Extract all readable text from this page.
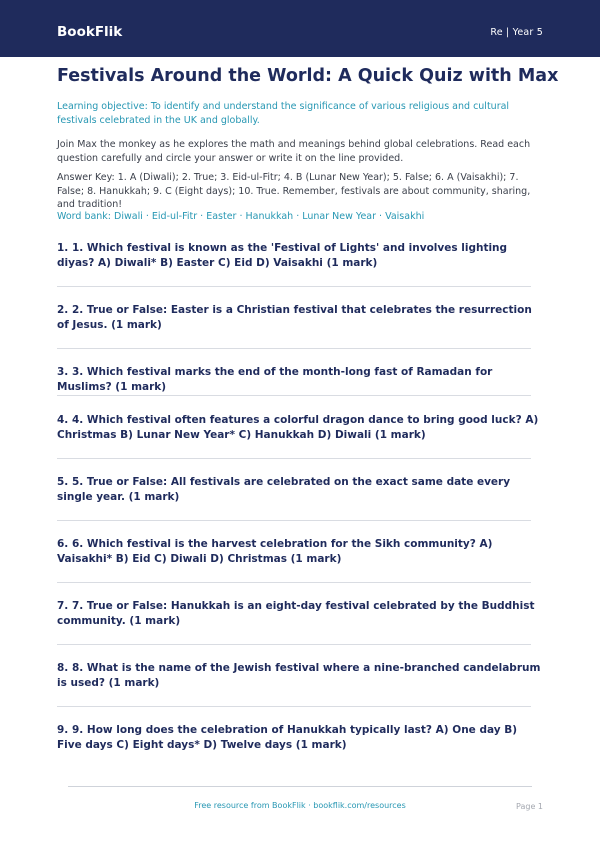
BookFlik	Re | Year 5
Festivals Around the World: A Quick Quiz with Max
Learning objective: To identify and understand the significance of various religious and cultural festivals celebrated in the UK and globally.
Join Max the monkey as he explores the math and meanings behind global celebrations. Read each question carefully and circle your answer or write it on the line provided.
Answer Key: 1. A (Diwali); 2. True; 3. Eid-ul-Fitr; 4. B (Lunar New Year); 5. False; 6. A (Vaisakhi); 7. False; 8. Hanukkah; 9. C (Eight days); 10. True. Remember, festivals are about community, sharing, and tradition!
Word bank: Diwali · Eid-ul-Fitr · Easter · Hanukkah · Lunar New Year · Vaisakhi
1. 1. Which festival is known as the 'Festival of Lights' and involves lighting diyas? A) Diwali* B) Easter C) Eid D) Vaisakhi (1 mark)
2. 2. True or False: Easter is a Christian festival that celebrates the resurrection of Jesus. (1 mark)
3. 3. Which festival marks the end of the month-long fast of Ramadan for Muslims? (1 mark)
4. 4. Which festival often features a colorful dragon dance to bring good luck? A) Christmas B) Lunar New Year* C) Hanukkah D) Diwali (1 mark)
5. 5. True or False: All festivals are celebrated on the exact same date every single year. (1 mark)
6. 6. Which festival is the harvest celebration for the Sikh community? A) Vaisakhi* B) Eid C) Diwali D) Christmas (1 mark)
7. 7. True or False: Hanukkah is an eight-day festival celebrated by the Buddhist community. (1 mark)
8. 8. What is the name of the Jewish festival where a nine-branched candelabrum is used? (1 mark)
9. 9. How long does the celebration of Hanukkah typically last? A) One day B) Five days C) Eight days* D) Twelve days (1 mark)
Free resource from BookFlik · bookflik.com/resources	Page 1
